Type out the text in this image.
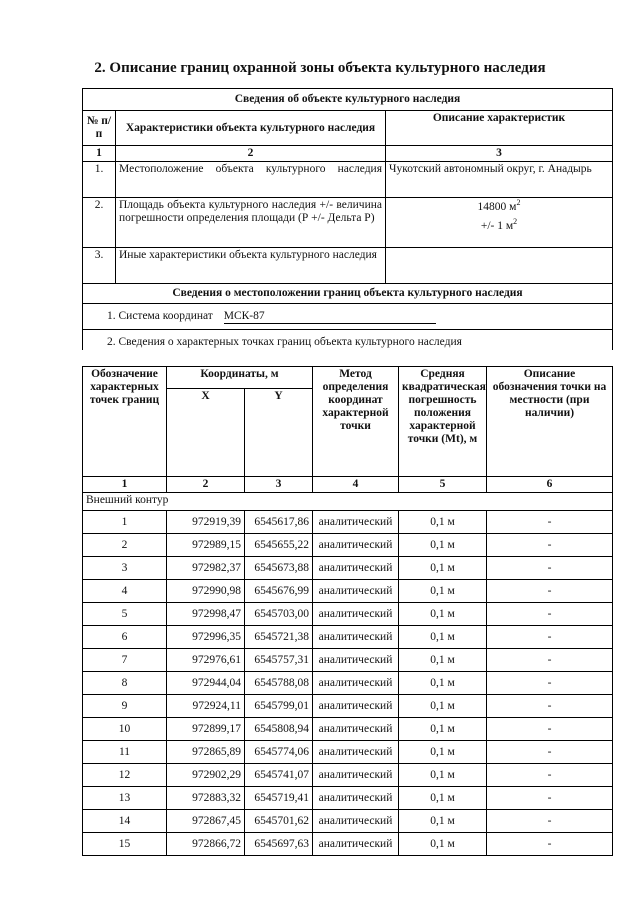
2. Описание границ охранной зоны объекта культурного наследия
Сведения об объекте культурного наследия		
№ п/п	Характеристики объекта культурного наследия	Описание характеристик
1	2	3
1.	Местоположение объекта культурного наследия	Чукотский автономный округ, г. Анадырь
2.	Площадь объекта культурного наследия +/- величина погрешности определения площади (Р +/- Дельта Р)	14800 $м^2$
+/- 1 $м^2$

3.	Иные характеристики объекта культурного наследия	
Сведения о местоположении границ объекта культурного наследия		
1. Система координат МСК-87		
2. Сведения о характерных точках границ объекта культурного наследия		
Обозначение характерных точек границ	Координаты, м		Метод определения координат характерной точки	Средняя квадратическая погрешность положения характерной точки (Mt), м	Описание обозначения точки на местности (при наличии)
	X	Y			
1	2	3	4	5	6
Внешний контур					
1	972919,39	6545617,86	аналитический	0,1 м	-
2	972989,15	6545655,22	аналитический	0,1 м	-
3	972982,37	6545673,88	аналитический	0,1 м	-
4	972990,98	6545676,99	аналитический	0,1 м	-
5	972998,47	6545703,00	аналитический	0,1 м	-
6	972996,35	6545721,38	аналитический	0,1 м	-
7	972976,61	6545757,31	аналитический	0,1 м	-
8	972944,04	6545788,08	аналитический	0,1 м	-
9	972924,11	6545799,01	аналитический	0,1 м	-
10	972899,17	6545808,94	аналитический	0,1 м	-
11	972865,89	6545774,06	аналитический	0,1 м	-
12	972902,29	6545741,07	аналитический	0,1 м	-
13	972883,32	6545719,41	аналитический	0,1 м	-
14	972867,45	6545701,62	аналитический	0,1 м	-
15	972866,72	6545697,63	аналитический	0,1 м	-
